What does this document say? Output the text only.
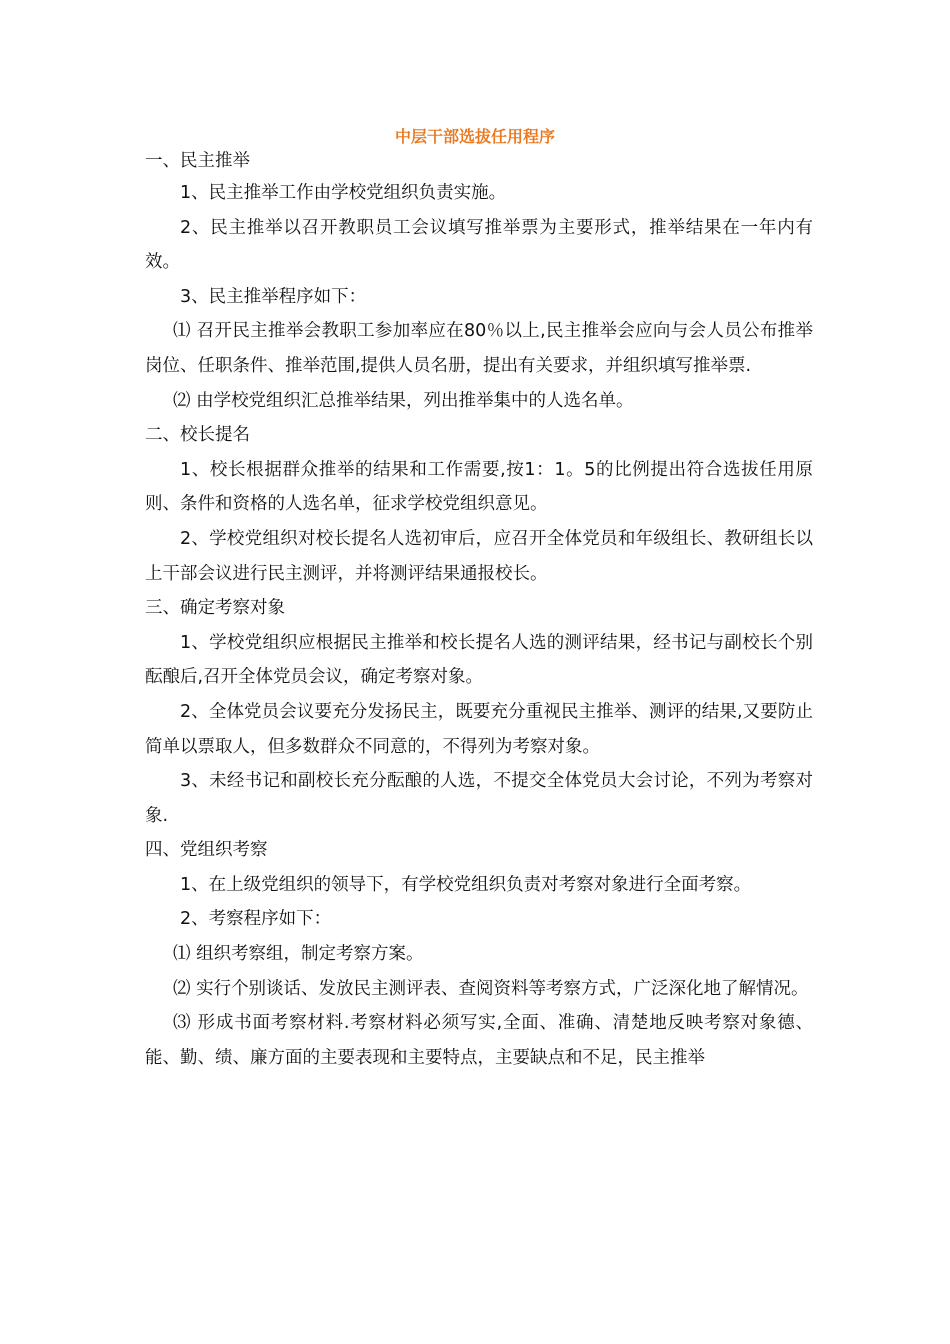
中层干部选拔任用程序

一、民主推举

1、民主推举工作由学校党组织负责实施。

2、民主推举以召开教职员工会议填写推举票为主要形式，推举结果在一年内有效。

3、民主推举程序如下：

⑴ 召开民主推举会教职工参加率应在80％以上,民主推举会应向与会人员公布推举岗位、任职条件、推举范围,提供人员名册，提出有关要求，并组织填写推举票.

⑵ 由学校党组织汇总推举结果，列出推举集中的人选名单。

二、校长提名

1、校长根据群众推举的结果和工作需要,按1：1。5的比例提出符合选拔任用原则、条件和资格的人选名单，征求学校党组织意见。

2、学校党组织对校长提名人选初审后，应召开全体党员和年级组长、教研组长以上干部会议进行民主测评，并将测评结果通报校长。

三、确定考察对象

1、学校党组织应根据民主推举和校长提名人选的测评结果，经书记与副校长个别酝酿后,召开全体党员会议，确定考察对象。

2、全体党员会议要充分发扬民主，既要充分重视民主推举、测评的结果,又要防止简单以票取人，但多数群众不同意的，不得列为考察对象。

3、未经书记和副校长充分酝酿的人选，不提交全体党员大会讨论，不列为考察对象.

四、党组织考察

1、在上级党组织的领导下，有学校党组织负责对考察对象进行全面考察。

2、考察程序如下：

⑴ 组织考察组，制定考察方案。

⑵ 实行个别谈话、发放民主测评表、查阅资料等考察方式，广泛深化地了解情况。

⑶ 形成书面考察材料.考察材料必须写实,全面、准确、清楚地反映考察对象德、能、勤、绩、廉方面的主要表现和主要特点，主要缺点和不足，民主推举
